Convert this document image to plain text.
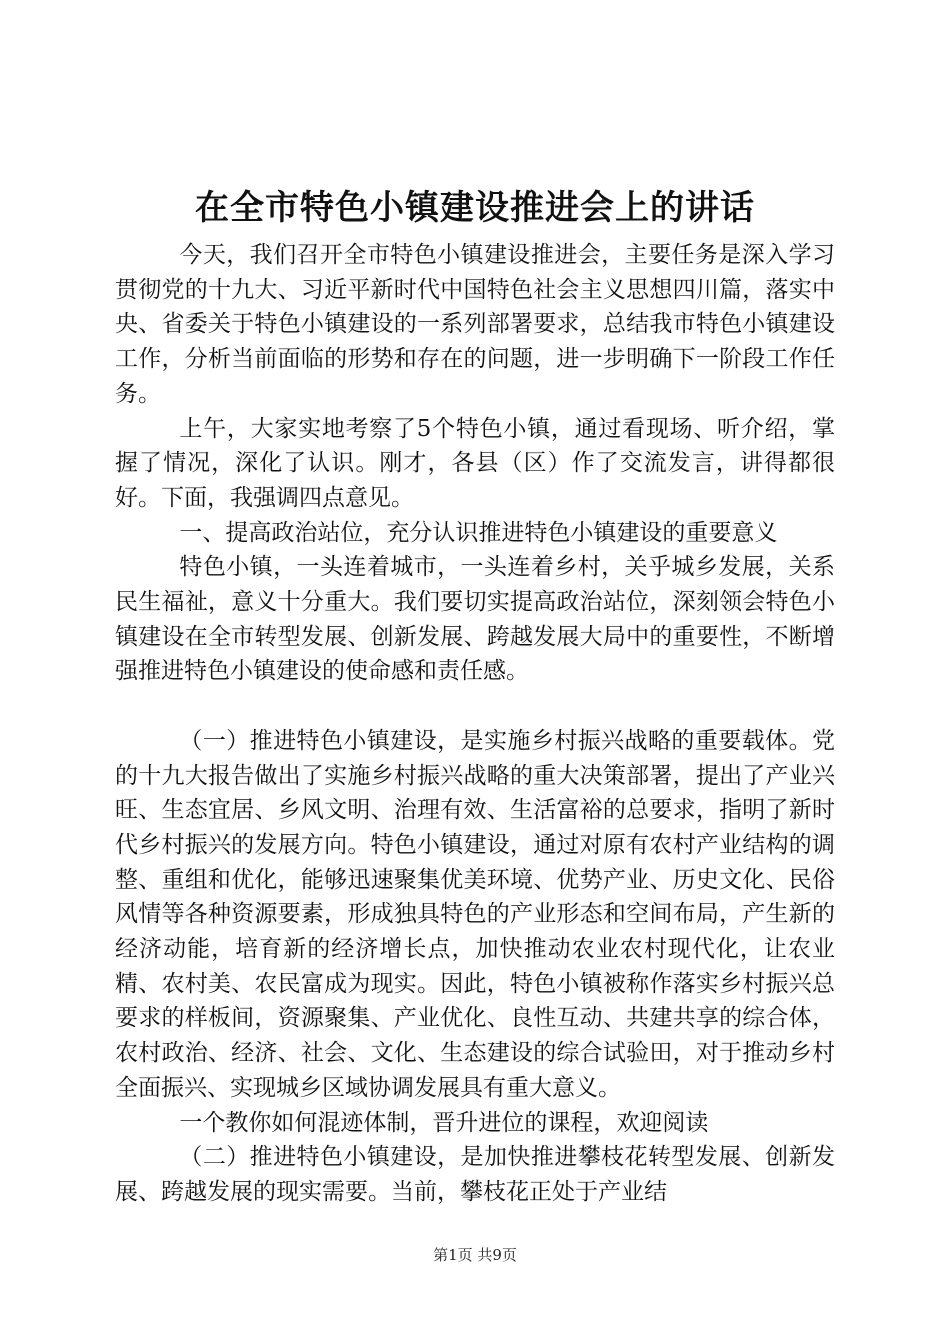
在全市特色小镇建设推进会上的讲话

今天，我们召开全市特色小镇建设推进会，主要任务是深入学习贯彻党的十九大、习近平新时代中国特色社会主义思想四川篇，落实中央、省委关于特色小镇建设的一系列部署要求，总结我市特色小镇建设工作，分析当前面临的形势和存在的问题，进一步明确下一阶段工作任务。

上午，大家实地考察了5个特色小镇，通过看现场、听介绍，掌握了情况，深化了认识。刚才，各县（区）作了交流发言，讲得都很好。下面，我强调四点意见。

一、提高政治站位，充分认识推进特色小镇建设的重要意义

特色小镇，一头连着城市，一头连着乡村，关乎城乡发展，关系民生福祉，意义十分重大。我们要切实提高政治站位，深刻领会特色小镇建设在全市转型发展、创新发展、跨越发展大局中的重要性，不断增强推进特色小镇建设的使命感和责任感。

（一）推进特色小镇建设，是实施乡村振兴战略的重要载体。党的十九大报告做出了实施乡村振兴战略的重大决策部署，提出了产业兴旺、生态宜居、乡风文明、治理有效、生活富裕的总要求，指明了新时代乡村振兴的发展方向。特色小镇建设，通过对原有农村产业结构的调整、重组和优化，能够迅速聚集优美环境、优势产业、历史文化、民俗风情等各种资源要素，形成独具特色的产业形态和空间布局，产生新的经济动能，培育新的经济增长点，加快推动农业农村现代化，让农业精、农村美、农民富成为现实。因此，特色小镇被称作落实乡村振兴总要求的样板间，资源聚集、产业优化、良性互动、共建共享的综合体，农村政治、经济、社会、文化、生态建设的综合试验田，对于推动乡村全面振兴、实现城乡区域协调发展具有重大意义。

一个教你如何混迹体制，晋升进位的课程，欢迎阅读

（二）推进特色小镇建设，是加快推进攀枝花转型发展、创新发展、跨越发展的现实需要。当前，攀枝花正处于产业结

第1页 共9页
